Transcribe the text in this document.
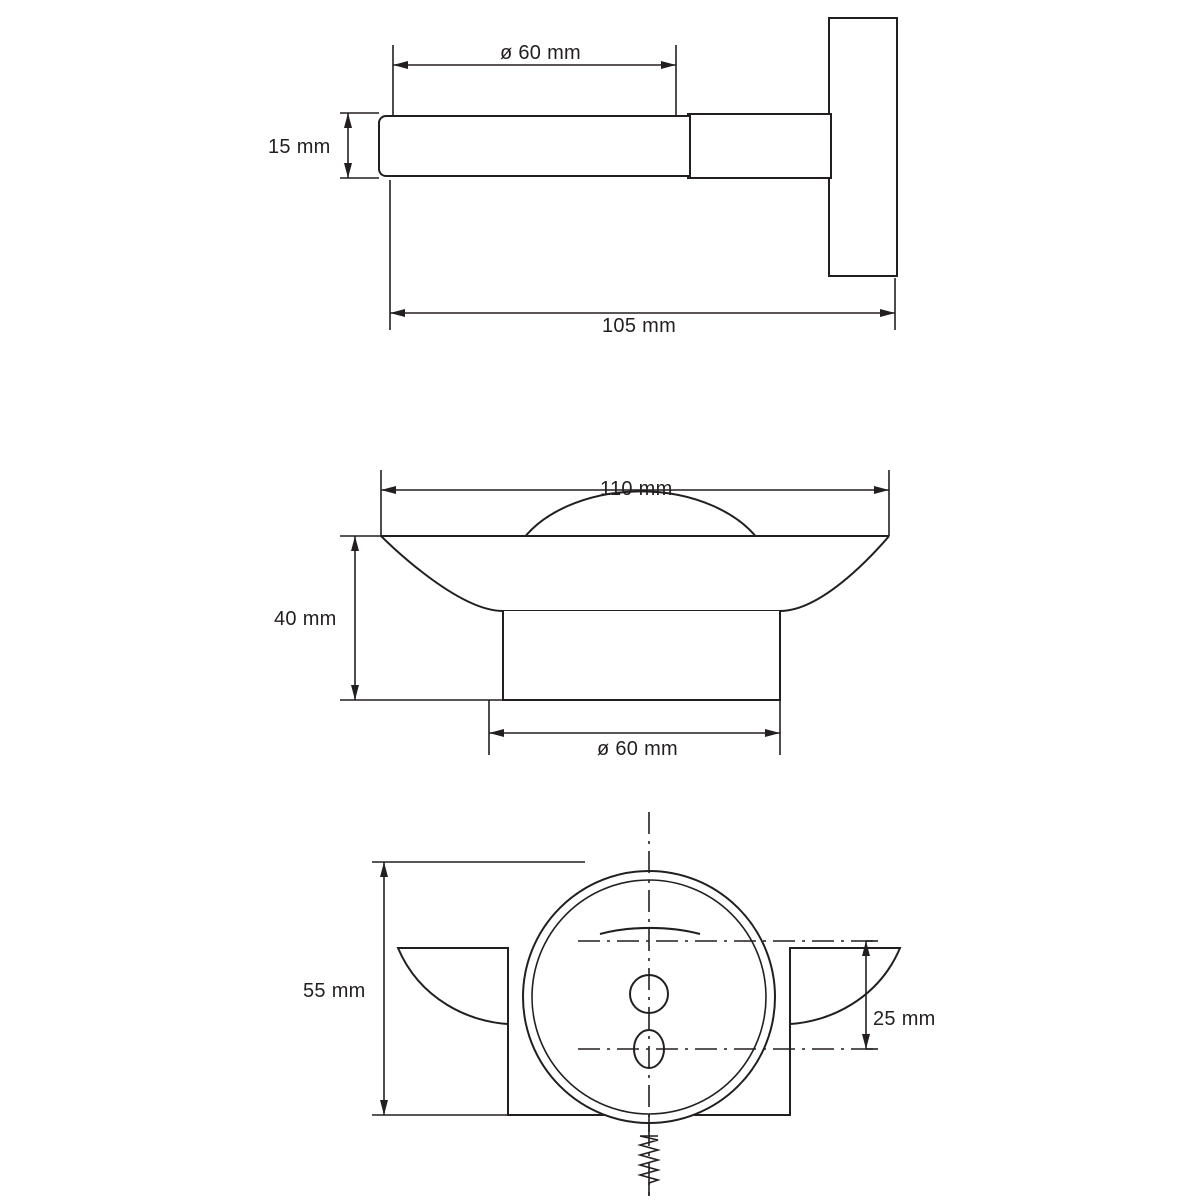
ø 60 mm
15 mm
105 mm
110 mm
40 mm
ø 60 mm
55 mm
25 mm
